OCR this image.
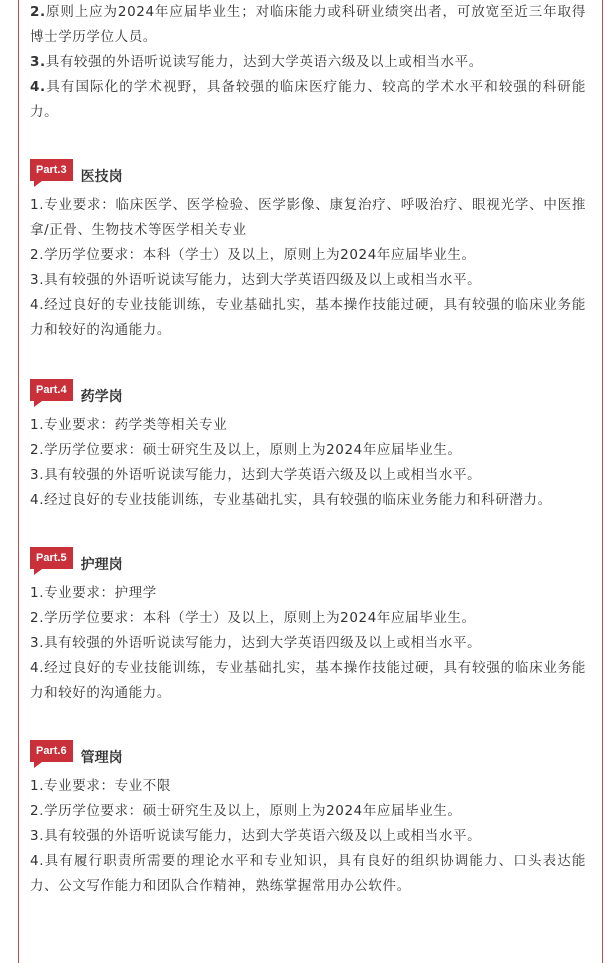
2.原则上应为2024年应届毕业生；对临床能力或科研业绩突出者，可放宽至近三年取得博士学历学位人员。

3.具有较强的外语听说读写能力，达到大学英语六级及以上或相当水平。

4.具有国际化的学术视野，具备较强的临床医疗能力、较高的学术水平和较强的科研能力。

Part.3	医技岗

1.专业要求：临床医学、医学检验、医学影像、康复治疗、呼吸治疗、眼视光学、中医推拿/正骨、生物技术等医学相关专业

2.学历学位要求：本科（学士）及以上，原则上为2024年应届毕业生。

3.具有较强的外语听说读写能力，达到大学英语四级及以上或相当水平。

4.经过良好的专业技能训练，专业基础扎实，基本操作技能过硬，具有较强的临床业务能力和较好的沟通能力。

Part.4	药学岗

1.专业要求：药学类等相关专业

2.学历学位要求：硕士研究生及以上，原则上为2024年应届毕业生。

3.具有较强的外语听说读写能力，达到大学英语六级及以上或相当水平。

4.经过良好的专业技能训练，专业基础扎实，具有较强的临床业务能力和科研潜力。

Part.5	护理岗

1.专业要求：护理学

2.学历学位要求：本科（学士）及以上，原则上为2024年应届毕业生。

3.具有较强的外语听说读写能力，达到大学英语四级及以上或相当水平。

4.经过良好的专业技能训练，专业基础扎实，基本操作技能过硬，具有较强的临床业务能力和较好的沟通能力。

Part.6	管理岗

1.专业要求：专业不限

2.学历学位要求：硕士研究生及以上，原则上为2024年应届毕业生。

3.具有较强的外语听说读写能力，达到大学英语六级及以上或相当水平。

4.具有履行职责所需要的理论水平和专业知识，具有良好的组织协调能力、口头表达能力、公文写作能力和团队合作精神，熟练掌握常用办公软件。
